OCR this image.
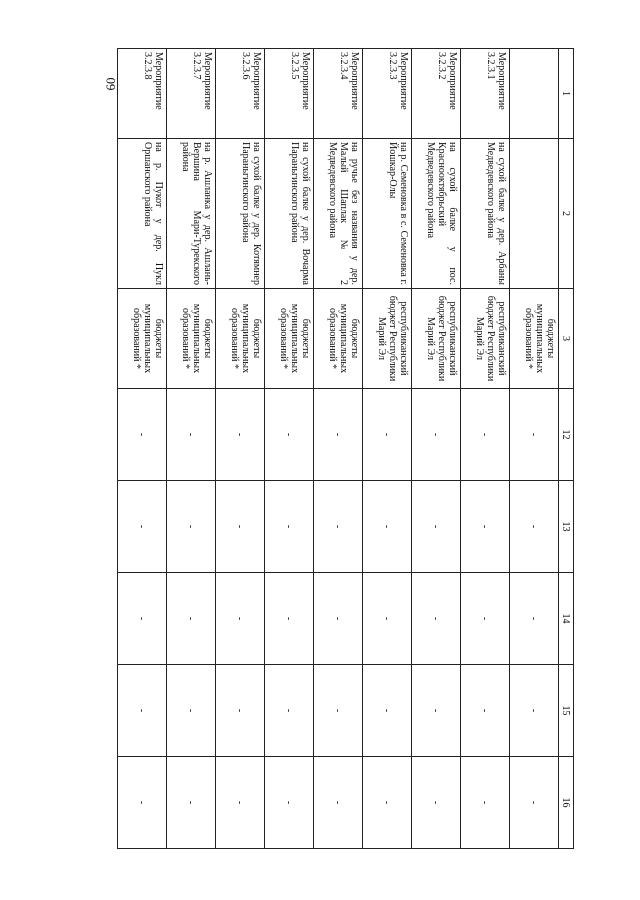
60
1	2	3	12	13	14	15	16
		бюджеты муниципальных образований *	-	-	-	-	-
Мероприятие 3.2.3.1	на сухой балке у дер. Арбаны Медведевского района	республиканский бюджет Республики Марий Эл	-	-	-	-	-
Мероприятие 3.2.3.2	на сухой балке у пос. Краснооктябрьский Медведевского района	республиканский бюджет Республики Марий Эл	-	-	-	-	-
Мероприятие 3.2.3.3	на р. Семеновка в с. Семеновка г. Йошкар-Олы	республиканский бюджет Республики Марий Эл	-	-	-	-	-
Мероприятие 3.2.3.4	на ручье без названия у дер. Малый Шаплак № 2 Медведевского района	бюджеты муниципальных образований *	-	-	-	-	-
Мероприятие 3.2.3.5	на сухой балке у дер. Вочарма Параньгинского района	бюджеты муниципальных образований *	-	-	-	-	-
Мероприятие 3.2.3.6	на сухой балке у дер. Котямнер Параньгинского района	бюджеты муниципальных образований *	-	-	-	-	-
Мероприятие 3.2.3.7	на р. Ашланка у дер. Ашлань-Вершина Мари-Турекского района	бюджеты муниципальных образований *	-	-	-	-	-
Мероприятие 3.2.3.8	на р. Пукот у дер. Пукл Оршанского района	бюджеты муниципальных образований *	-	-	-	-	-
